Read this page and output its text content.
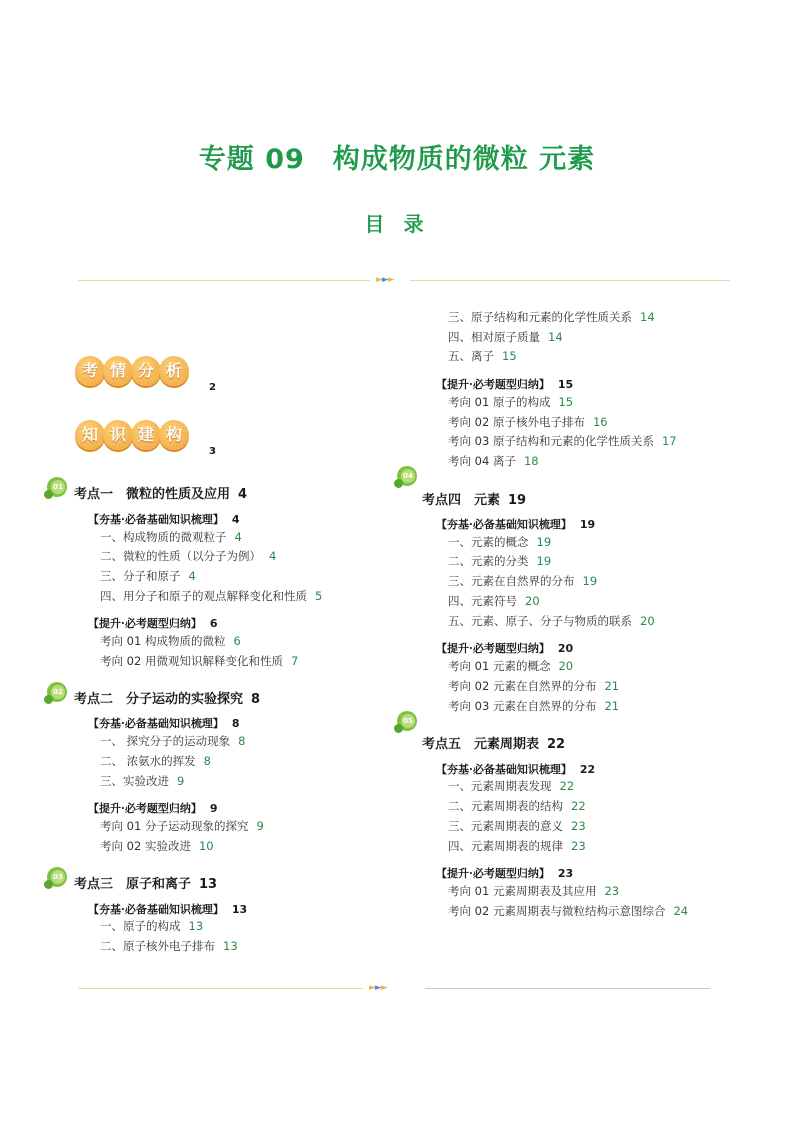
专题 09　构成物质的微粒 元素
目 录
►►►
考 情 分 析
2
知 识 建 构
3
01 考点一　微粒的性质及应用 4
【夯基·必备基础知识梳理】 4
一、构成物质的微观粒子 4
二、微粒的性质（以分子为例） 4
三、分子和原子 4
四、用分子和原子的观点解释变化和性质 5
【提升·必考题型归纳】 6
考向 01 构成物质的微粒 6
考向 02 用微观知识解释变化和性质 7
02 考点二　分子运动的实验探究 8
【夯基·必备基础知识梳理】 8
一、 探究分子的运动现象 8
二、 浓氨水的挥发 8
三、实验改进 9
【提升·必考题型归纳】 9
考向 01 分子运动现象的探究 9
考向 02 实验改进 10
03 考点三　原子和离子 13
【夯基·必备基础知识梳理】 13
一、原子的构成 13
二、原子核外电子排布 13
三、原子结构和元素的化学性质关系 14
四、相对原子质量 14
五、离子 15
【提升·必考题型归纳】 15
考向 01 原子的构成 15
考向 02 原子核外电子排布 16
考向 03 原子结构和元素的化学性质关系 17
考向 04 离子 18
04
考点四　元素 19
【夯基·必备基础知识梳理】 19
一、元素的概念 19
二、元素的分类 19
三、元素在自然界的分布 19
四、元素符号 20
五、元素、原子、分子与物质的联系 20
【提升·必考题型归纳】 20
考向 01 元素的概念 20
考向 02 元素在自然界的分布 21
考向 03 元素在自然界的分布 21
05
考点五　元素周期表 22
【夯基·必备基础知识梳理】 22
一、元素周期表发现 22
二、元素周期表的结构 22
三、元素周期表的意义 23
四、元素周期表的规律 23
【提升·必考题型归纳】 23
考向 01 元素周期表及其应用 23
考向 02 元素周期表与微粒结构示意图综合 24
►►►
